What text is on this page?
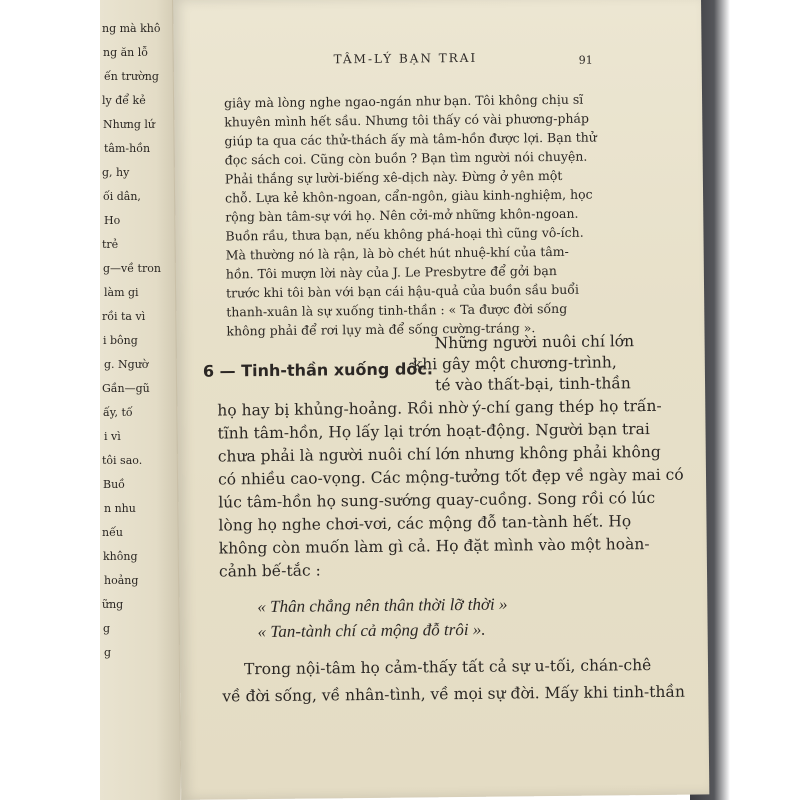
ng mà khô
ng ăn lỗ
ến trường
ly để kẻ
Nhưng lứ
tâm-hồn
g, hy
ối dân,
Ho
trẻ
g—về tron
làm gi
rồi ta vì
i bông
g. Ngườ
Gần—gũ
ấy, tố
i vì
tôi sao.
Buồ
n nhu
nếu
không
hoảng
ững
g
g
TÂM-LÝ BẠN TRAI	91
giây mà lòng nghe ngao-ngán như bạn. Tôi không chịu sĩ
khuyên mình hết sầu. Nhưng tôi thấy có vài phương-pháp
giúp ta qua các thử-thách ấy mà tâm-hồn được lợi. Bạn thử
đọc sách coi. Cũng còn buồn ? Bạn tìm người nói chuyện.
Phải thắng sự lười-biếng xê-dịch này. Đừng ở yên một
chỗ. Lựa kẻ khôn-ngoan, cẩn-ngôn, giàu kinh-nghiệm, học
rộng bàn tâm-sự với họ. Nên cởi-mở những khôn-ngoan.
Buồn rầu, thưa bạn, nếu không phá-hoại thì cũng vô-ích.
Mà thường nó là rận, là bò chét hút nhuệ-khí của tâm-
hồn. Tôi mượn lời này của J. Le Presbytre để gởi bạn
trước khi tôi bàn với bạn cái hậu-quả của buồn sầu buổi
thanh-xuân là sự xuống tinh-thần : « Ta được đời sống
không phải để rơi lụy mà để sống cường-tráng ».
6 — Tinh-thần xuống dốc.
Những người nuôi chí lớn
khi gây một chương-trình,
té vào thất-bại, tinh-thần
họ hay bị khủng-hoảng. Rồi nhờ ý-chí gang thép họ trấn-
tĩnh tâm-hồn, Họ lấy lại trớn hoạt-động. Người bạn trai
chưa phải là người nuôi chí lớn nhưng không phải không
có nhiều cao-vọng. Các mộng-tưởng tốt đẹp về ngày mai có
lúc tâm-hồn họ sung-sướng quay-cuồng. Song rồi có lúc
lòng họ nghe chơi-vơi, các mộng đỗ tan-tành hết. Họ
không còn muốn làm gì cả. Họ đặt mình vào một hoàn-
cảnh bế-tắc :
« Thân chẳng nên thân thời lỡ thời »
« Tan-tành chí cả mộng đỗ trôi ».
Trong nội-tâm họ cảm-thấy tất cả sự u-tối, chán-chê
về đời sống, về nhân-tình, về mọi sự đời. Mấy khi tinh-thần
